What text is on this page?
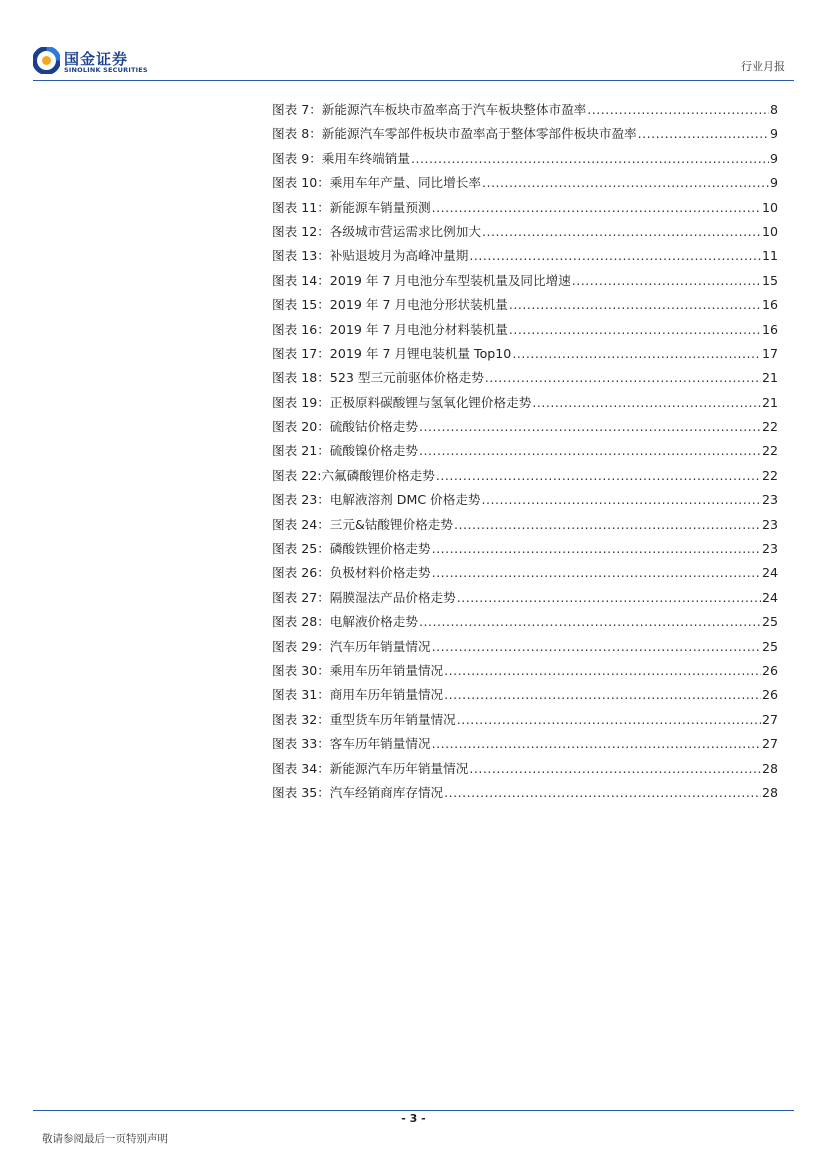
国金证券
SINOLINK SECURITIES	行业月报
图表 7：新能源汽车板块市盈率高于汽车板块整体市盈率 .....	8
图表 8：新能源汽车零部件板块市盈率高于整体零部件板块市盈率 .....	9
图表 9：乘用车终端销量 .....	9
图表 10：乘用车年产量、同比增长率 .....	9
图表 11：新能源车销量预测 .....	10
图表 12：各级城市营运需求比例加大 .....	10
图表 13：补贴退坡月为高峰冲量期 .....	11
图表 14：2019 年 7 月电池分车型装机量及同比增速 .....	15
图表 15：2019 年 7 月电池分形状装机量 .....	16
图表 16：2019 年 7 月电池分材料装机量 .....	16
图表 17：2019 年 7 月锂电装机量 Top10 .....	17
图表 18：523 型三元前驱体价格走势 .....	21
图表 19：正极原料碳酸锂与氢氧化锂价格走势 .....	21
图表 20：硫酸钴价格走势 .....	22
图表 21：硫酸镍价格走势 .....	22
图表 22:六氟磷酸锂价格走势 .....	22
图表 23：电解液溶剂 DMC 价格走势 .....	23
图表 24：三元&钴酸锂价格走势 .....	23
图表 25：磷酸铁锂价格走势 .....	23
图表 26：负极材料价格走势 .....	24
图表 27：隔膜湿法产品价格走势 .....	24
图表 28：电解液价格走势 .....	25
图表 29：汽车历年销量情况 .....	25
图表 30：乘用车历年销量情况 .....	26
图表 31：商用车历年销量情况 .....	26
图表 32：重型货车历年销量情况 .....	27
图表 33：客车历年销量情况 .....	27
图表 34：新能源汽车历年销量情况 .....	28
图表 35：汽车经销商库存情况 .....	28
- 3 -
敬请参阅最后一页特别声明
